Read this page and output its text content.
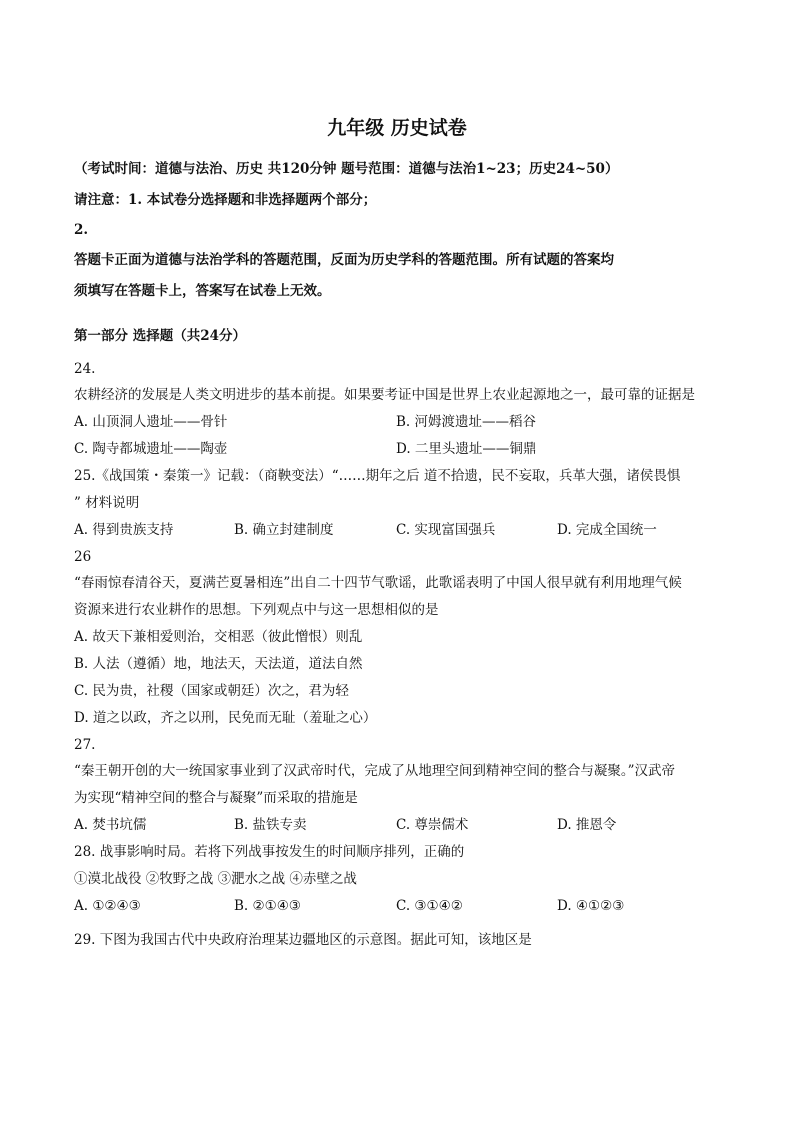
九年级 历史试卷
（考试时间：道德与法治、历史 共120分钟 题号范围：道德与法治1~23；历史24~50）
请注意：1. 本试卷分选择题和非选择题两个部分；
2.
答题卡正面为道德与法治学科的答题范围，反面为历史学科的答题范围。所有试题的答案均
须填写在答题卡上，答案写在试卷上无效。
第一部分 选择题（共24分）
24.
农耕经济的发展是人类文明进步的基本前提。如果要考证中国是世界上农业起源地之一，最可靠的证据是
A. 山顶洞人遗址——骨针	B. 河姆渡遗址——稻谷
C. 陶寺都城遗址——陶壶	D. 二里头遗址——铜鼎
25.《战国策・秦策一》记载：（商鞅变法）“……期年之后 道不拾遗，民不妄取，兵革大强，诸侯畏惧
” 材料说明
A. 得到贵族支持	B. 确立封建制度	C. 实现富国强兵	D. 完成全国统一
26
“春雨惊春清谷天，夏满芒夏暑相连”出自二十四节气歌谣，此歌谣表明了中国人很早就有利用地理气候
资源来进行农业耕作的思想。下列观点中与这一思想相似的是
A. 故天下兼相爱则治，交相恶（彼此憎恨）则乱
B. 人法（遵循）地，地法天，天法道，道法自然
C. 民为贵，社稷（国家或朝廷）次之，君为轻
D. 道之以政，齐之以刑，民免而无耻（羞耻之心）
27.
“秦王朝开创的大一统国家事业到了汉武帝时代，完成了从地理空间到精神空间的整合与凝聚。”汉武帝
为实现“精神空间的整合与凝聚”而采取的措施是
A. 焚书坑儒	B. 盐铁专卖	C. 尊崇儒术	D. 推恩令
28. 战事影响时局。若将下列战事按发生的时间顺序排列，正确的
①漠北战役 ②牧野之战 ③淝水之战 ④赤壁之战
A. ①②④③	B. ②①④③	C. ③①④②	D. ④①②③
29. 下图为我国古代中央政府治理某边疆地区的示意图。据此可知，该地区是
